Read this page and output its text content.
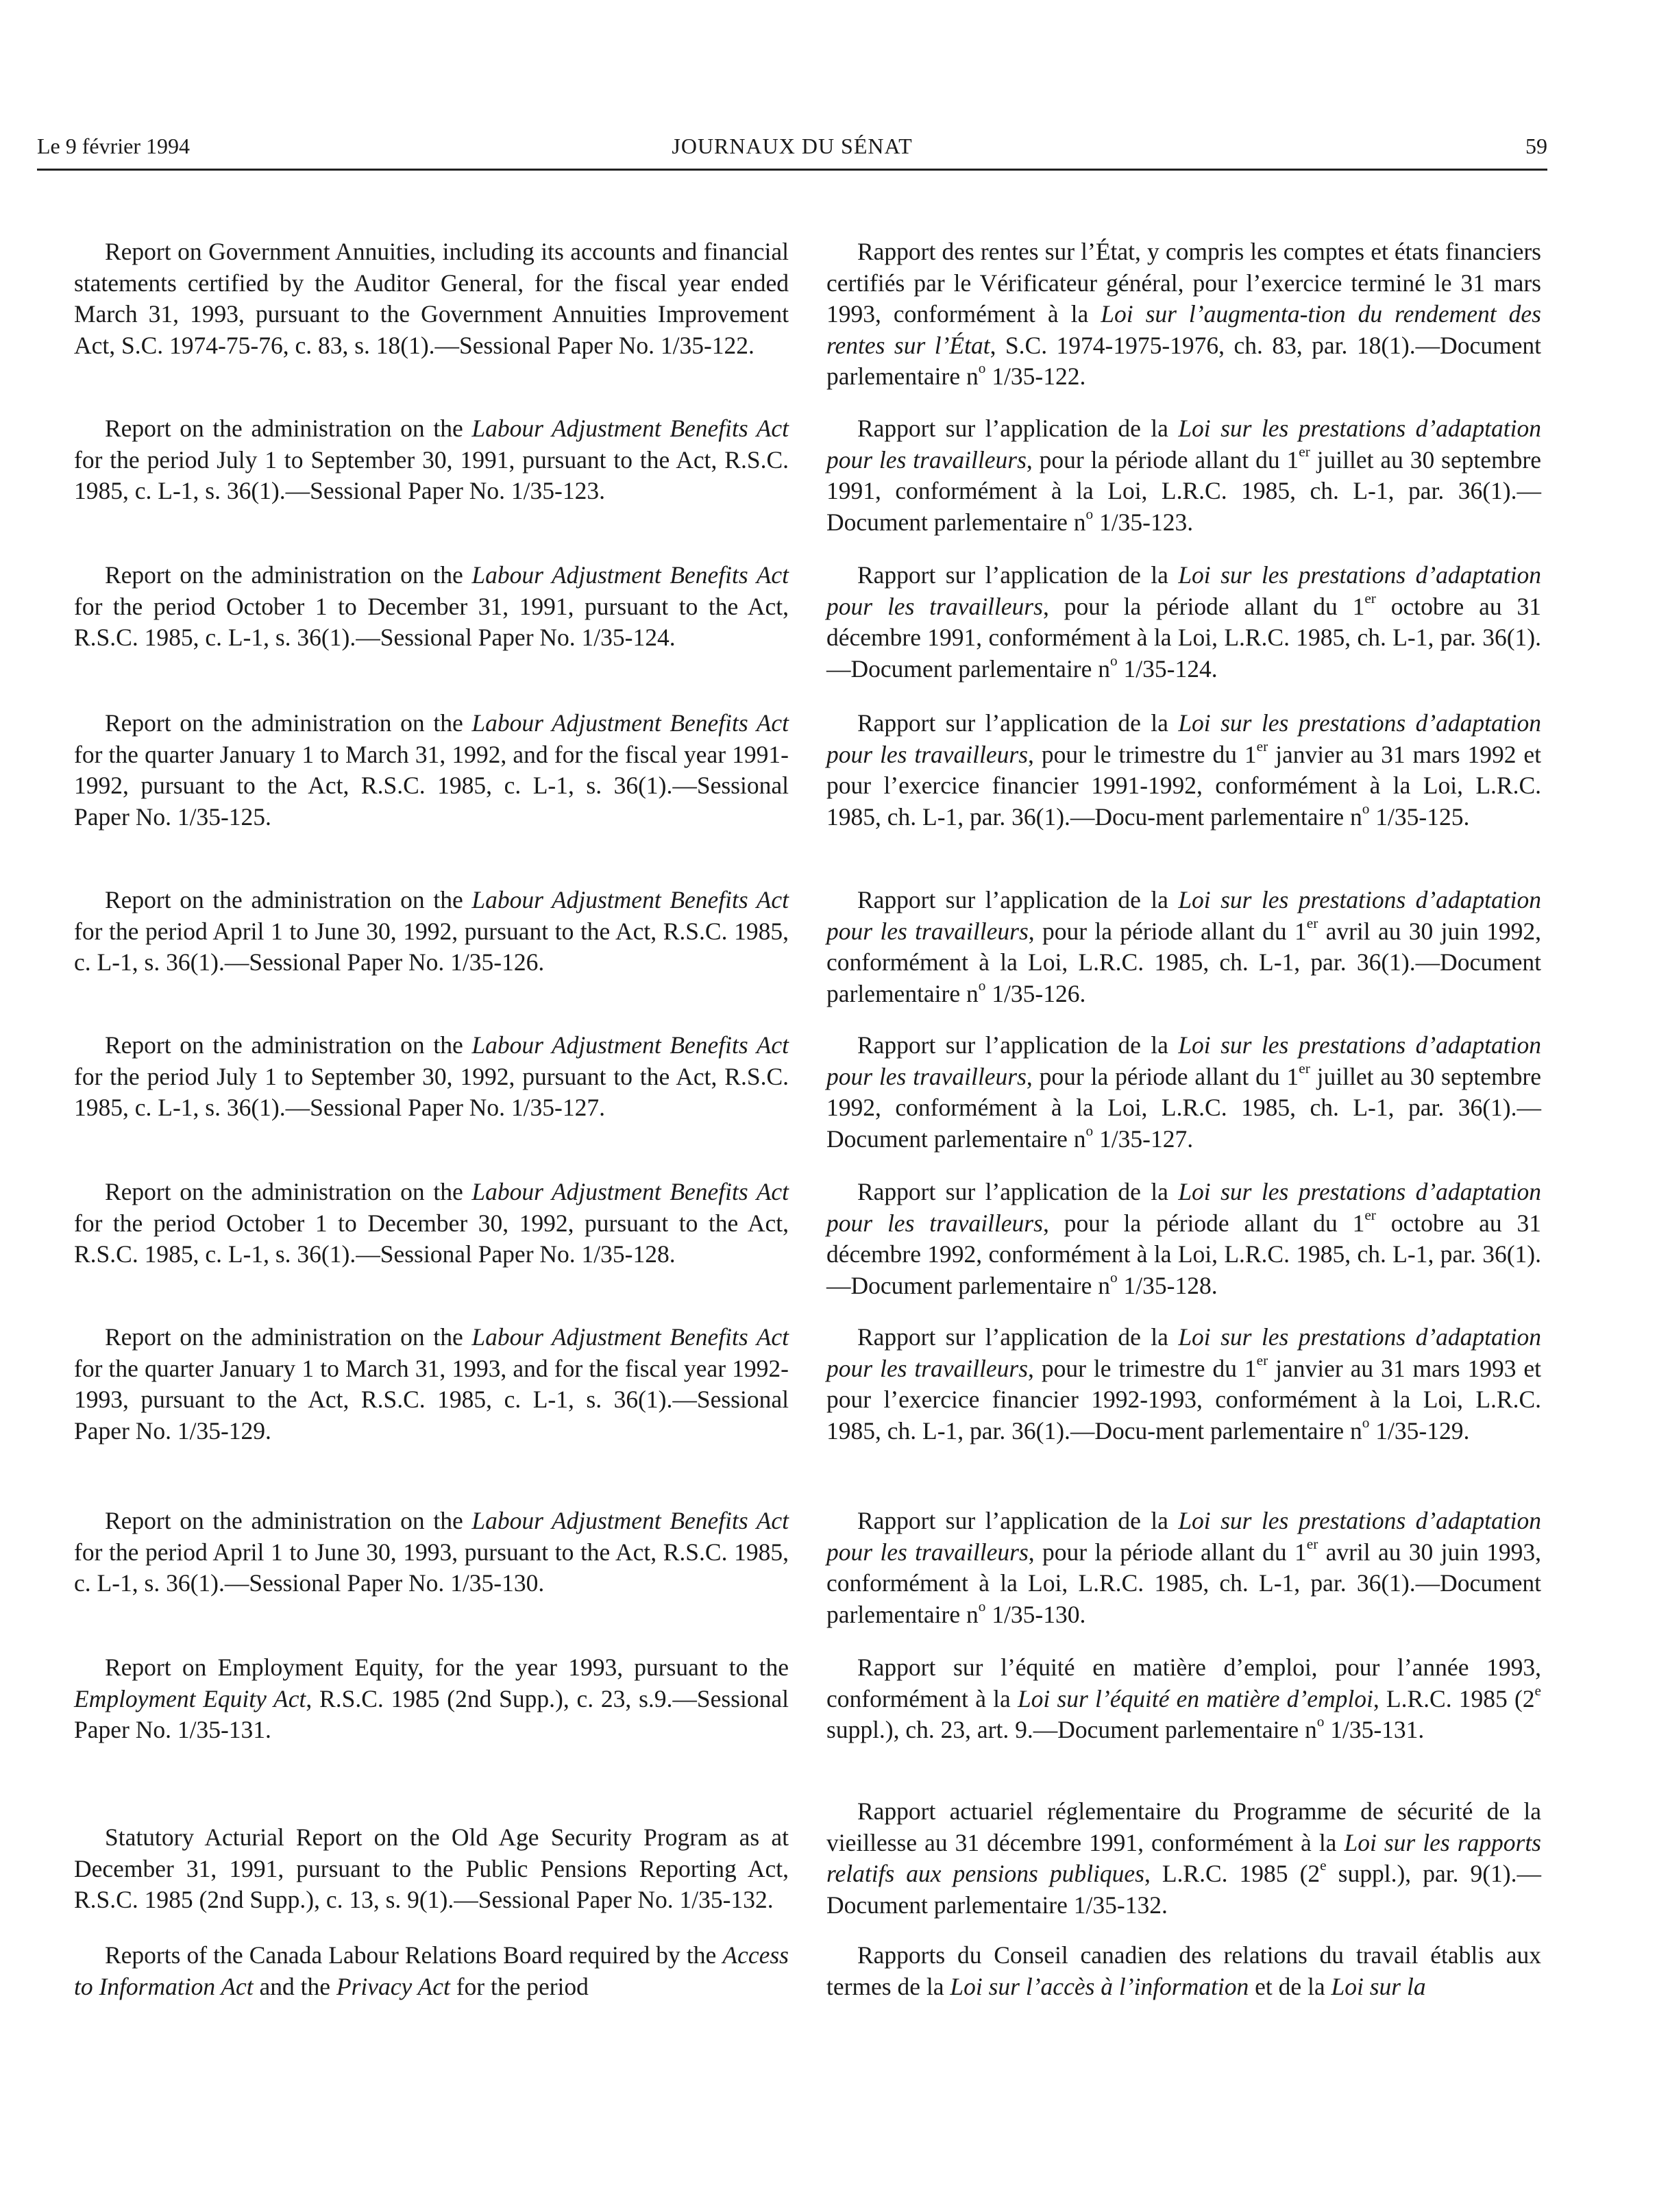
Le 9 février 1994	JOURNAUX DU SÉNAT	59

Report on Government Annuities, including its accounts and financial statements certified by the Auditor General, for the fiscal year ended March 31, 1993, pursuant to the Government Annuities Improvement Act, S.C. 1974-75-76, c. 83, s. 18(1).—Sessional Paper No. 1/35-122.

Report on the administration on the Labour Adjustment Benefits Act for the period July 1 to September 30, 1991, pursuant to the Act, R.S.C. 1985, c. L-1, s. 36(1).—Sessional Paper No. 1/35-123.

Report on the administration on the Labour Adjustment Benefits Act for the period October 1 to December 31, 1991, pursuant to the Act, R.S.C. 1985, c. L-1, s. 36(1).—Sessional Paper No. 1/35-124.

Report on the administration on the Labour Adjustment Benefits Act for the quarter January 1 to March 31, 1992, and for the fiscal year 1991-1992, pursuant to the Act, R.S.C. 1985, c. L-1, s. 36(1).—Sessional Paper No. 1/35-125.

Report on the administration on the Labour Adjustment Benefits Act for the period April 1 to June 30, 1992, pursuant to the Act, R.S.C. 1985, c. L-1, s. 36(1).—Sessional Paper No. 1/35-126.

Report on the administration on the Labour Adjustment Benefits Act for the period July 1 to September 30, 1992, pursuant to the Act, R.S.C. 1985, c. L-1, s. 36(1).—Sessional Paper No. 1/35-127.

Report on the administration on the Labour Adjustment Benefits Act for the period October 1 to December 30, 1992, pursuant to the Act, R.S.C. 1985, c. L-1, s. 36(1).—Sessional Paper No. 1/35-128.

Report on the administration on the Labour Adjustment Benefits Act for the quarter January 1 to March 31, 1993, and for the fiscal year 1992-1993, pursuant to the Act, R.S.C. 1985, c. L-1, s. 36(1).—Sessional Paper No. 1/35-129.

Report on the administration on the Labour Adjustment Benefits Act for the period April 1 to June 30, 1993, pursuant to the Act, R.S.C. 1985, c. L-1, s. 36(1).—Sessional Paper No. 1/35-130.

Report on Employment Equity, for the year 1993, pursuant to the Employment Equity Act, R.S.C. 1985 (2nd Supp.), c. 23, s.9.—Sessional Paper No. 1/35-131.

Statutory Acturial Report on the Old Age Security Program as at December 31, 1991, pursuant to the Public Pensions Reporting Act, R.S.C. 1985 (2nd Supp.), c. 13, s. 9(1).—Sessional Paper No. 1/35-132.

Reports of the Canada Labour Relations Board required by the Access to Information Act and the Privacy Act for the period

Rapport des rentes sur l’État, y compris les comptes et états financiers certifiés par le Vérificateur général, pour l’exercice terminé le 31 mars 1993, conformément à la Loi sur l’augmenta-tion du rendement des rentes sur l’État, S.C. 1974-1975-1976, ch. 83, par. 18(1).—Document parlementaire $n^o$ 1/35-122.

Rapport sur l’application de la Loi sur les prestations d’adaptation pour les travailleurs, pour la période allant du 1er juillet au 30 septembre 1991, conformément à la Loi, L.R.C. 1985, ch. L-1, par. 36(1).—Document parlementaire $n^o$ 1/35-123.

Rapport sur l’application de la Loi sur les prestations d’adaptation pour les travailleurs, pour la période allant du 1er octobre au 31 décembre 1991, conformément à la Loi, L.R.C. 1985, ch. L-1, par. 36(1).—Document parlementaire $n^o$ 1/35-124.

Rapport sur l’application de la Loi sur les prestations d’adaptation pour les travailleurs, pour le trimestre du 1er janvier au 31 mars 1992 et pour l’exercice financier 1991-1992, conformément à la Loi, L.R.C. 1985, ch. L-1, par. 36(1).—Docu-ment parlementaire $n^o$ 1/35-125.

Rapport sur l’application de la Loi sur les prestations d’adaptation pour les travailleurs, pour la période allant du 1er avril au 30 juin 1992, conformément à la Loi, L.R.C. 1985, ch. L-1, par. 36(1).—Document parlementaire $n^o$ 1/35-126.

Rapport sur l’application de la Loi sur les prestations d’adaptation pour les travailleurs, pour la période allant du 1er juillet au 30 septembre 1992, conformément à la Loi, L.R.C. 1985, ch. L-1, par. 36(1).—Document parlementaire $n^o$ 1/35-127.

Rapport sur l’application de la Loi sur les prestations d’adaptation pour les travailleurs, pour la période allant du 1er octobre au 31 décembre 1992, conformément à la Loi, L.R.C. 1985, ch. L-1, par. 36(1).—Document parlementaire $n^o$ 1/35-128.

Rapport sur l’application de la Loi sur les prestations d’adaptation pour les travailleurs, pour le trimestre du 1er janvier au 31 mars 1993 et pour l’exercice financier 1992-1993, conformément à la Loi, L.R.C. 1985, ch. L-1, par. 36(1).—Docu-ment parlementaire $n^o$ 1/35-129.

Rapport sur l’application de la Loi sur les prestations d’adaptation pour les travailleurs, pour la période allant du 1er avril au 30 juin 1993, conformément à la Loi, L.R.C. 1985, ch. L-1, par. 36(1).—Document parlementaire $n^o$ 1/35-130.

Rapport sur l’équité en matière d’emploi, pour l’année 1993, conformément à la Loi sur l’équité en matière d’emploi, L.R.C. 1985 (2e suppl.), ch. 23, art. 9.—Document parlementaire $n^o$ 1/35-131.

Rapport actuariel réglementaire du Programme de sécurité de la vieillesse au 31 décembre 1991, conformément à la Loi sur les rapports relatifs aux pensions publiques, L.R.C. 1985 (2e suppl.), par. 9(1).—Document parlementaire 1/35-132.

Rapports du Conseil canadien des relations du travail établis aux termes de la Loi sur l’accès à l’information et de la Loi sur la
